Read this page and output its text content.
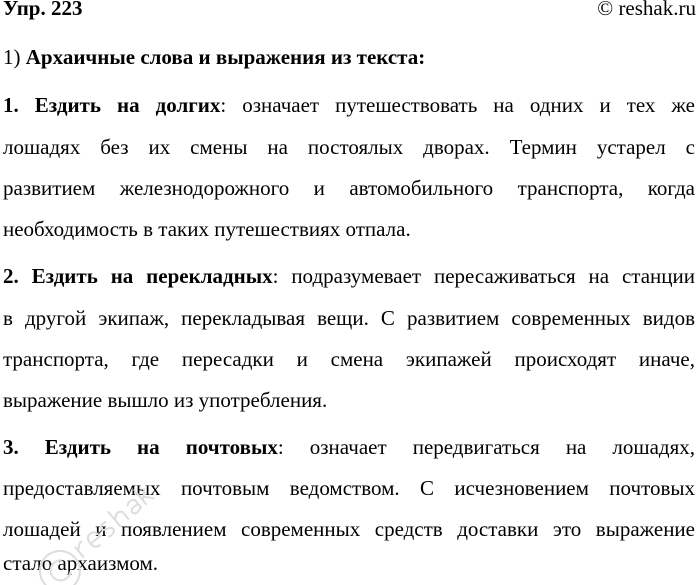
Упр. 223	© reshak.ru
1) Архаичные слова и выражения из текста:
1. Ездить на долгих: означает путешествовать на одних и тех же
лошадях без их смены на постоялых дворах. Термин устарел с
развитием железнодорожного и автомобильного транспорта, когда
необходимость в таких путешествиях отпала.
2. Ездить на перекладных: подразумевает пересаживаться на станции
в другой экипаж, перекладывая вещи. С развитием современных видов
транспорта, где пересадки и смена экипажей происходят иначе,
выражение вышло из употребления.
3. Ездить на почтовых: означает передвигаться на лошадях,
предоставляемых почтовым ведомством. С исчезновением почтовых
лошадей и появлением современных средств доставки это выражение
стало архаизмом.
